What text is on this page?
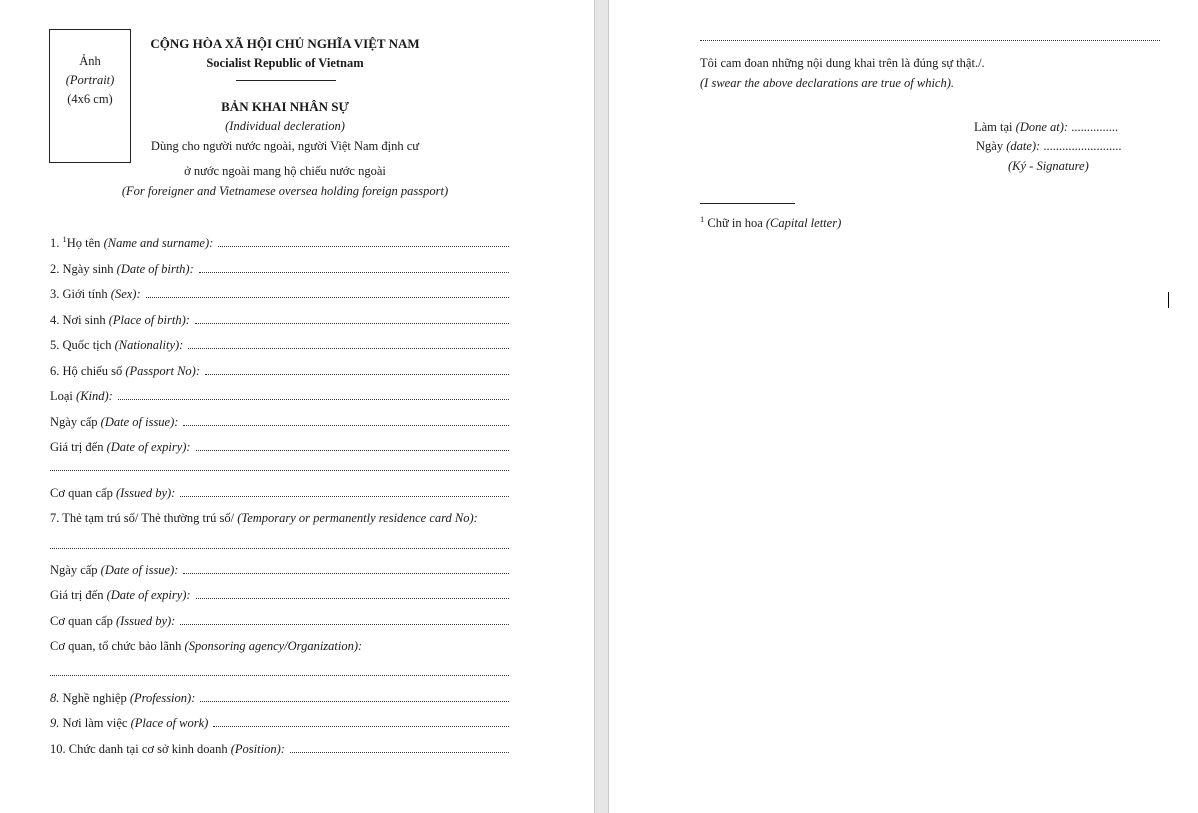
Ảnh
(Portrait)
(4x6 cm)
CỘNG HÒA XÃ HỘI CHỦ NGHĨA VIỆT NAM
Socialist Republic of Vietnam
BẢN KHAI NHÂN SỰ
(Individual decleration)
Dùng cho người nước ngoài, người Việt Nam định cư
ở nước ngoài mang hộ chiếu nước ngoài
(For foreigner and Vietnamese oversea holding foreign passport)
1. $^1$Họ tên (Name and surname):
2. Ngày sinh (Date of birth):
3. Giới tính (Sex):
4. Nơi sinh (Place of birth):
5. Quốc tịch (Nationality):
6. Hộ chiếu số (Passport No):
Loại (Kind):
Ngày cấp (Date of issue):
Giá trị đến (Date of expiry):
Cơ quan cấp (Issued by):
7. Thẻ tạm trú số/ Thẻ thường trú số/ (Temporary or permanently residence card No):
Ngày cấp (Date of issue):
Giá trị đến (Date of expiry):
Cơ quan cấp (Issued by):
Cơ quan, tổ chức bảo lãnh (Sponsoring agency/Organization):
8. Nghề nghiệp (Profession):
9. Nơi làm việc (Place of work)
10. Chức danh tại cơ sở kinh doanh (Position):
Tôi cam đoan những nội dung khai trên là đúng sự thật./.
(I swear the above declarations are true of which).
Làm tại (Done at): ...............
Ngày (date): .........................
(Ký - Signature)
$^1$ Chữ in hoa (Capital letter)
